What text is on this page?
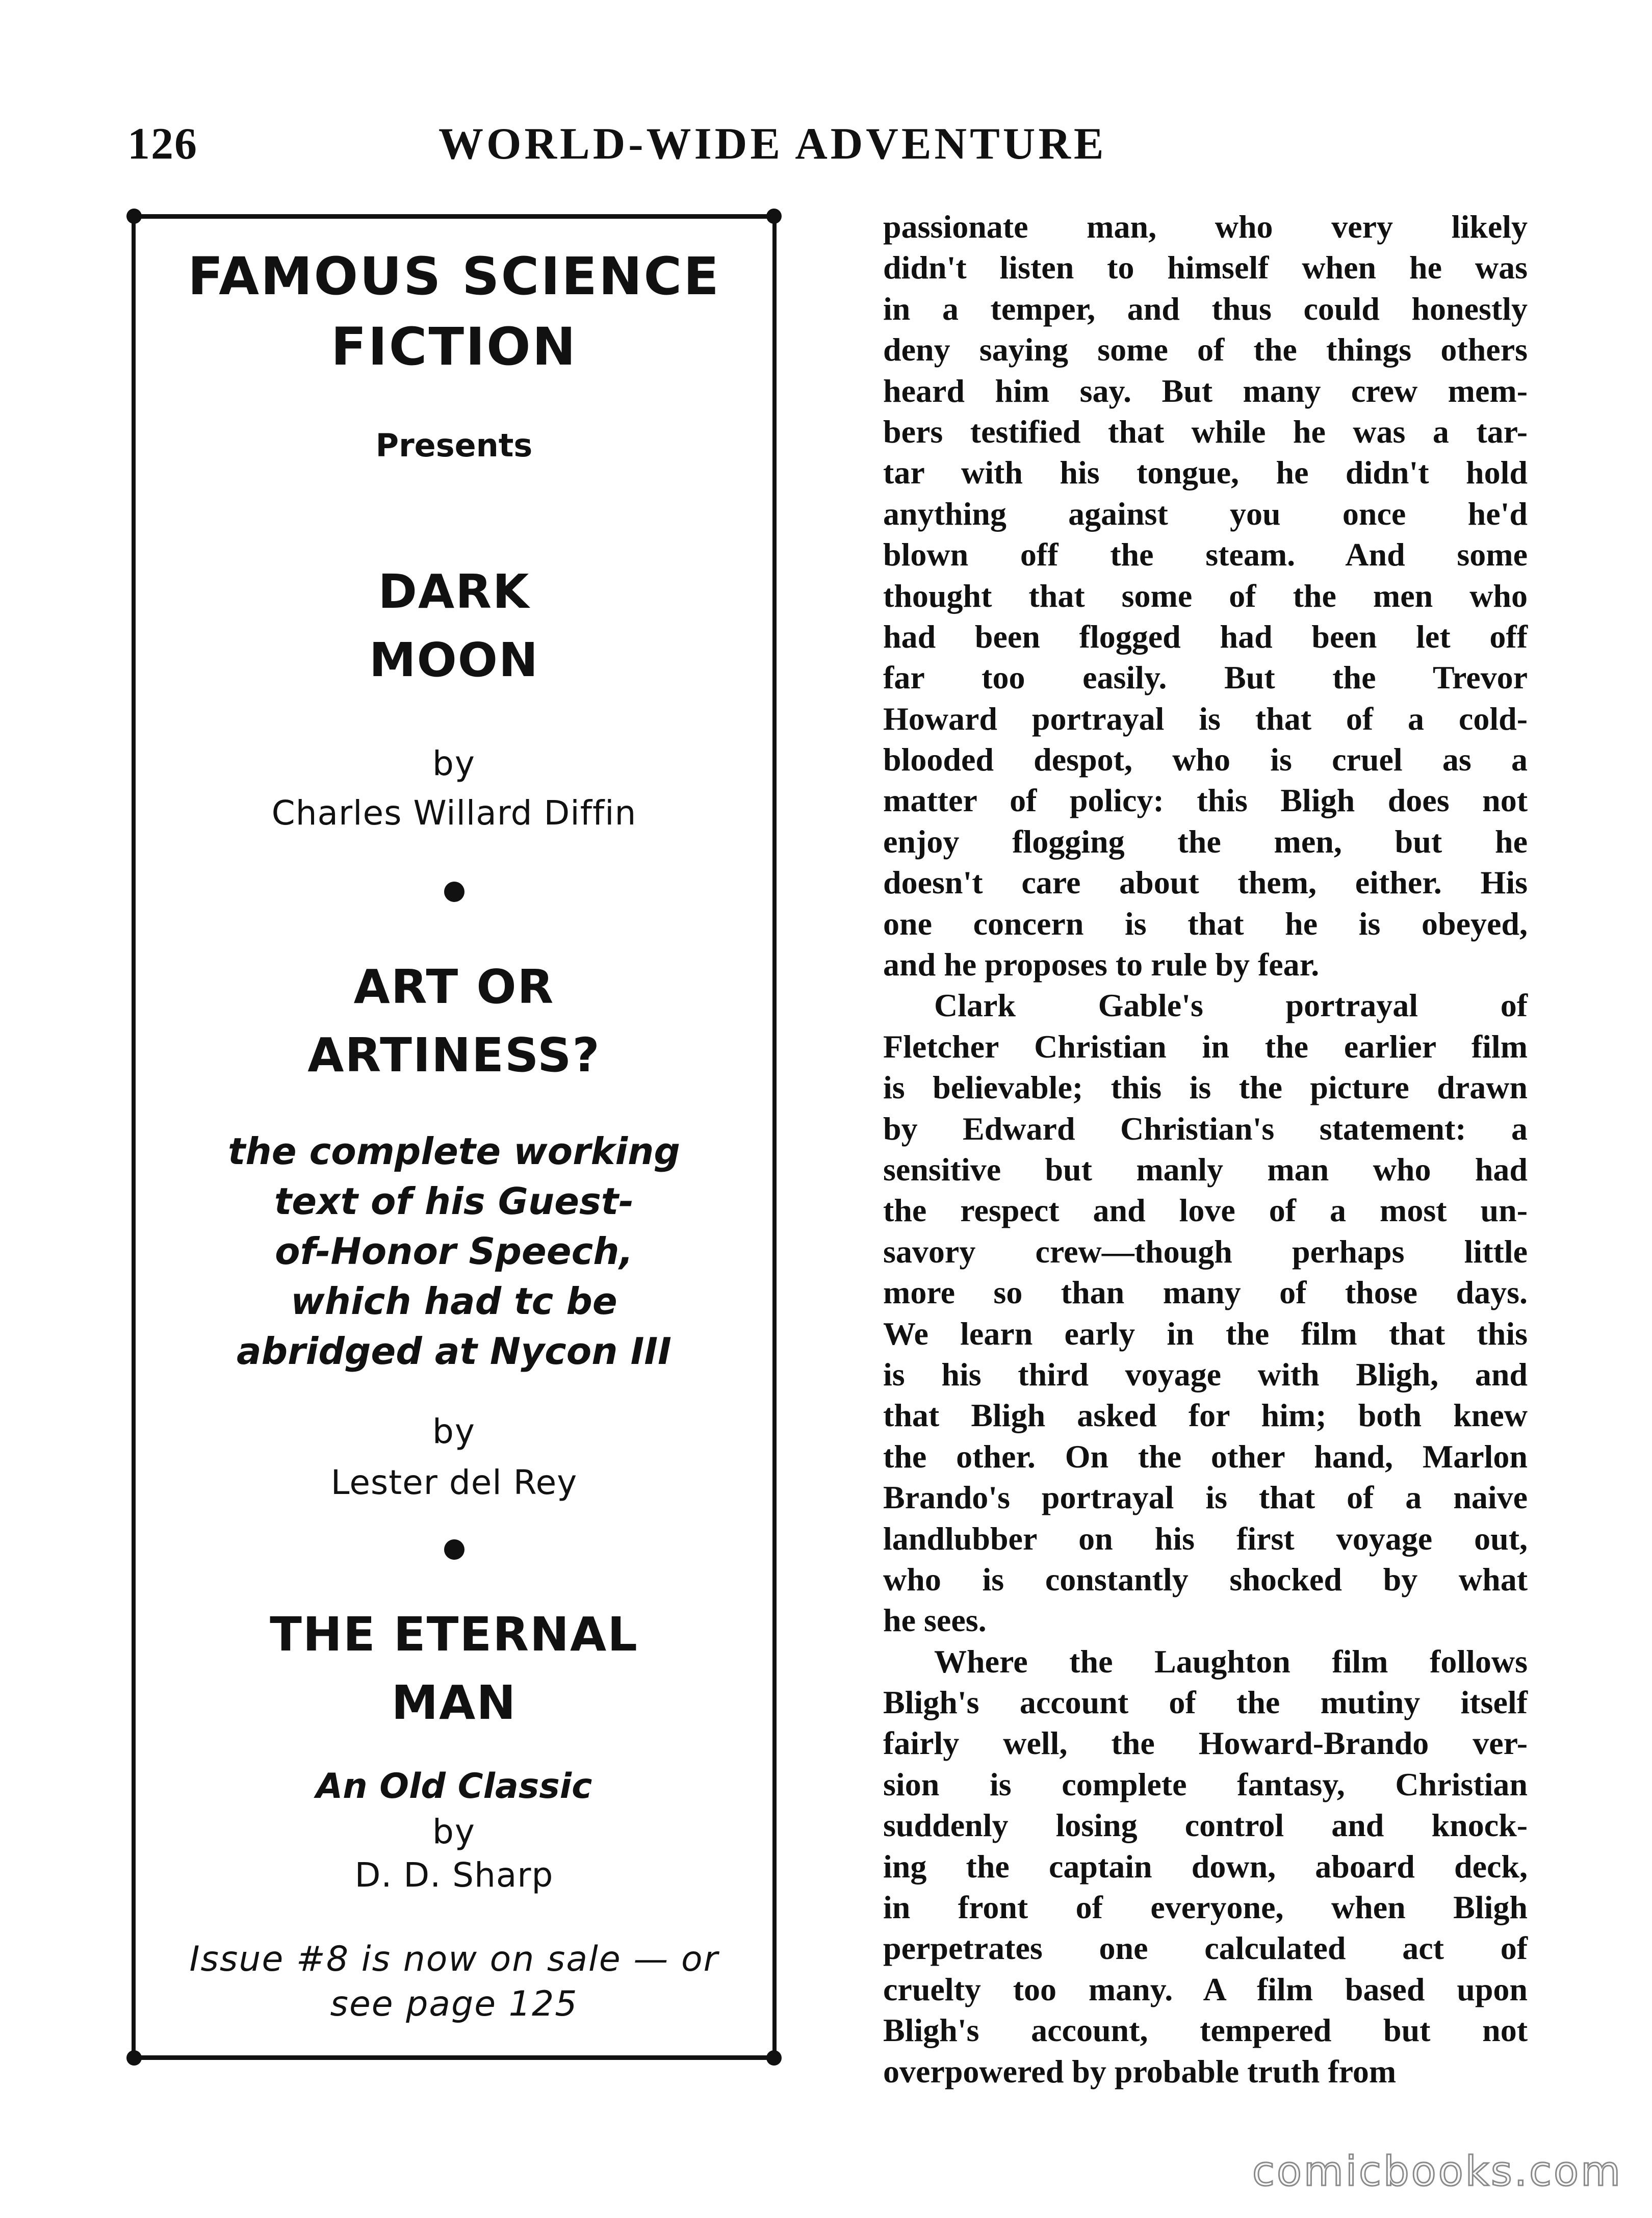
126	WORLD-WIDE ADVENTURE
FAMOUS SCIENCE
FICTION
Presents
DARK
MOON
by
Charles Willard Diffin
ART OR
ARTINESS?
the complete working
text of his Guest-
of-Honor Speech,
which had tc be
abridged at Nycon III
by
Lester del Rey
THE ETERNAL
MAN
An Old Classic
by
D. D. Sharp
Issue #8 is now on sale — or
see page 125
passionate man, who very likely
didn't listen to himself when he was
in a temper, and thus could honestly
deny saying some of the things others
heard him say. But many crew mem-
bers testified that while he was a tar-
tar with his tongue, he didn't hold
anything against you once he'd
blown off the steam. And some
thought that some of the men who
had been flogged had been let off
far too easily. But the Trevor
Howard portrayal is that of a cold-
blooded despot, who is cruel as a
matter of policy: this Bligh does not
enjoy flogging the men, but he
doesn't care about them, either. His
one concern is that he is obeyed,
and he proposes to rule by fear.
Clark Gable's portrayal of
Fletcher Christian in the earlier film
is believable; this is the picture drawn
by Edward Christian's statement: a
sensitive but manly man who had
the respect and love of a most un-
savory crew—though perhaps little
more so than many of those days.
We learn early in the film that this
is his third voyage with Bligh, and
that Bligh asked for him; both knew
the other. On the other hand, Marlon
Brando's portrayal is that of a naive
landlubber on his first voyage out,
who is constantly shocked by what
he sees.
Where the Laughton film follows
Bligh's account of the mutiny itself
fairly well, the Howard-Brando ver-
sion is complete fantasy, Christian
suddenly losing control and knock-
ing the captain down, aboard deck,
in front of everyone, when Bligh
perpetrates one calculated act of
cruelty too many. A film based upon
Bligh's account, tempered but not
overpowered by probable truth from
comicbooks.com
